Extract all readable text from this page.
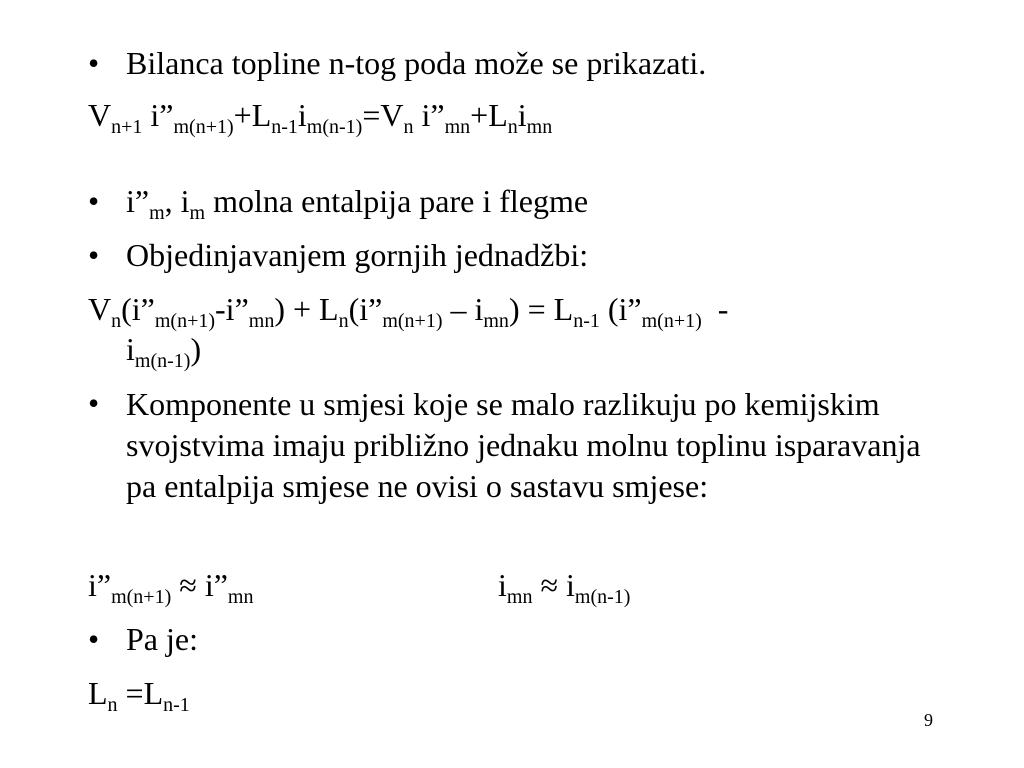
• Bilanca topline n-tog poda može se prikazati.
$V_{n+1}$ $i”_{m(n+1)}+L_{n-1}i_{m(n-1)}=V_n$ $i”_{mn}+L_ni_{mn}$
• $i”_m$, $i_m$ molna entalpija pare i flegme
• Objedinjavanjem gornjih jednadžbi:
$V_n(i”_{m(n+1)}-i”_{mn})$ + $L_n(i”_{m(n+1)} - i_{mn}) = L_{n-1}$ ($i”_{m(n+1)}$  -
$i_{m(n-1)}$)
• Komponente u smjesi koje se malo razlikuju po kemijskim svojstvima imaju približno jednaku molnu toplinu isparavanja pa entalpija smjese ne ovisi o sastavu smjese:
$i”_{m(n+1)}$ ≈ $i”_{mn}$	$i_{mn} \approx i_{m(n-1)}$
• Pa je:
$L_n =L_{n-1}$
9
